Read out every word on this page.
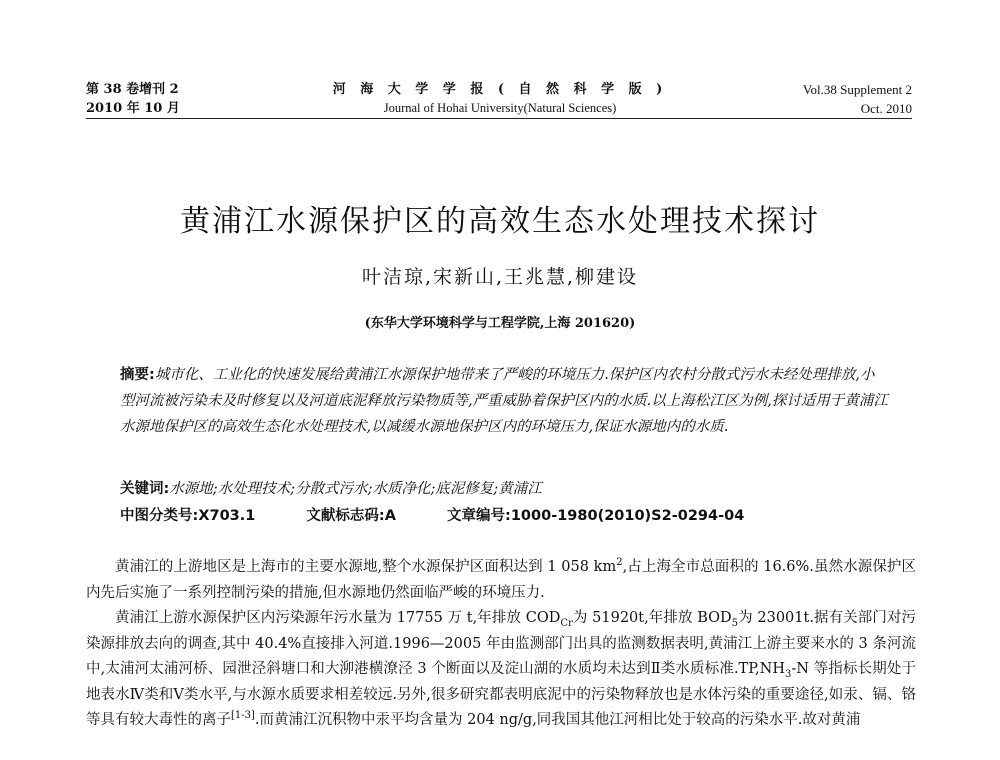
第 38 卷增刊 2
2010 年 10 月
河 海 大 学 学 报 ( 自 然 科 学 版 )
Journal of Hohai University(Natural Sciences)
Vol.38 Supplement 2
Oct. 2010
黄浦江水源保护区的高效生态水处理技术探讨
叶洁琼,宋新山,王兆慧,柳建设
(东华大学环境科学与工程学院,上海 201620)
摘要:城市化、工业化的快速发展给黄浦江水源保护地带来了严峻的环境压力.保护区内农村分散式污水未经处理排放,小型河流被污染未及时修复以及河道底泥释放污染物质等,严重威胁着保护区内的水质.以上海松江区为例,探讨适用于黄浦江水源地保护区的高效生态化水处理技术,以减缓水源地保护区内的环境压力,保证水源地内的水质.
关键词:水源地;水处理技术;分散式污水;水质净化;底泥修复;黄浦江
中图分类号:X703.1	文献标志码:A	文章编号:1000-1980(2010)S2-0294-04

黄浦江的上游地区是上海市的主要水源地,整个水源保护区面积达到 1 058 $km^2$,占上海全市总面积的 16.6%.虽然水源保护区内先后实施了一系列控制污染的措施,但水源地仍然面临严峻的环境压力.

黄浦江上游水源保护区内污染源年污水量为 17755 万 t,年排放 $COD_{Cr}$为 51920t,年排放 $BOD_5$为 23001t.据有关部门对污染源排放去向的调查,其中 40.4%直接排入河道.1996—2005 年由监测部门出具的监测数据表明,黄浦江上游主要来水的 3 条河流中,太浦河太浦河桥、园泄泾斜塘口和大泖港横潦泾 3 个断面以及淀山湖的水质均未达到Ⅱ类水质标准$.TP,NH_3-N$ 等指标长期处于地表水Ⅳ类和Ⅴ类水平,与水源水质要求相差较远.另外,很多研究都表明底泥中的污染物释放也是水体污染的重要途径,如汞、镉、铬等具有较大毒性的离子[1-3].而黄浦江沉积物中汞平均含量为 204 ng/g,同我国其他江河相比处于较高的污染水平.故对黄浦
